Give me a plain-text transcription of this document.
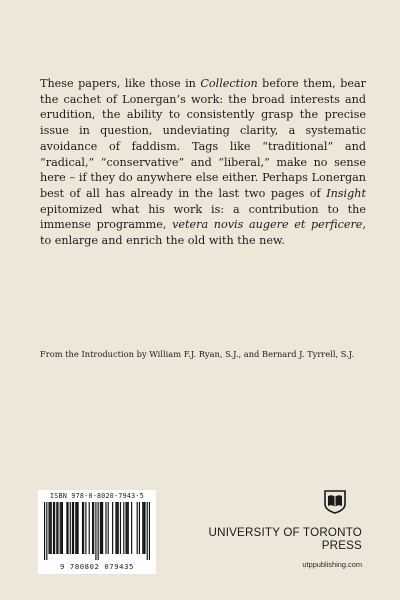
These papers, like those in Collection before them, bear the cachet of Lonergan’s work: the broad interests and erudition, the ability to consistently grasp the precise issue in question, undeviating clarity, a systematic avoidance of faddism. Tags like “traditional” and “radical,” “conservative” and “liberal,” make no sense here – if they do anywhere else either. Perhaps Lonergan best of all has already in the last two pages of Insight epitomized what his work is: a contribution to the immense programme, vetera novis augere et perficere, to enlarge and enrich the old with the new.

From the Introduction by William F.J. Ryan, S.J., and Bernard J. Tyrrell, S.J.
ISBN 978-0-8020-7943-5
9 780802 079435
UNIVERSITY OF TORONTO PRESS
utppublishing.com
